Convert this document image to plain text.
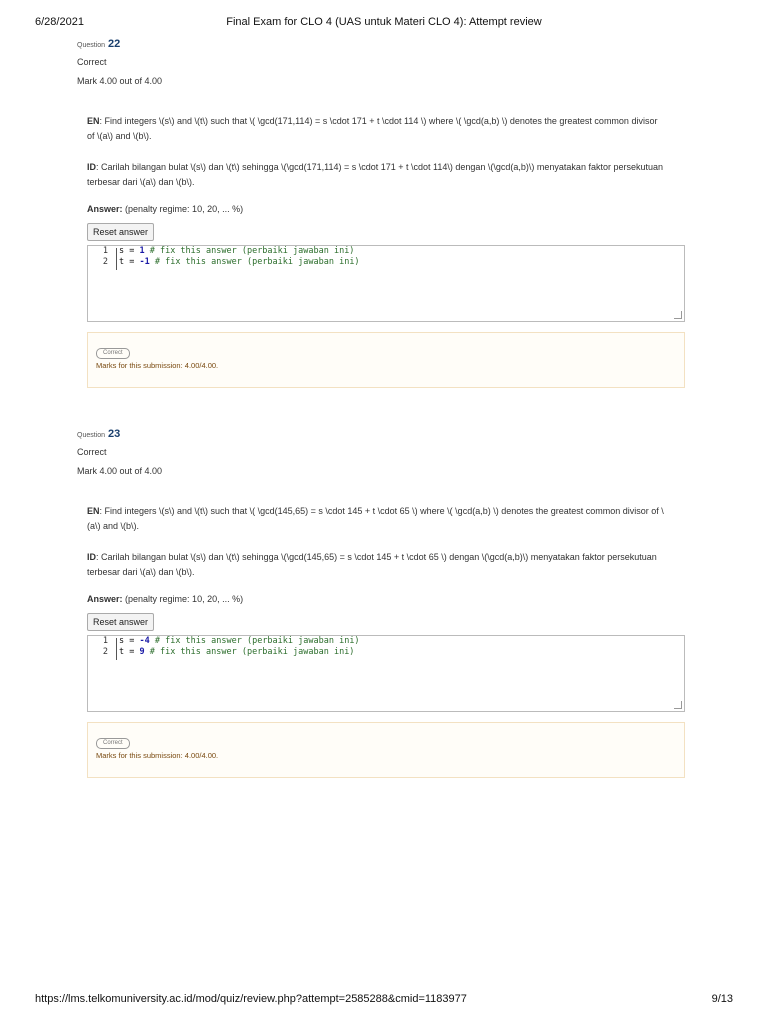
6/28/2021	Final Exam for CLO 4 (UAS untuk Materi CLO 4): Attempt review
Question 22
Correct
Mark 4.00 out of 4.00

EN: Find integers \(s\) and \(t\) such that \( \gcd(171,114) = s \cdot 171 + t \cdot 114 \) where \( \gcd(a,b) \) denotes the greatest common divisor of \(a\) and \(b\).

ID: Carilah bilangan bulat \(s\) dan \(t\) sehingga \(\gcd(171,114) = s \cdot 171 + t \cdot 114\) dengan \(\gcd(a,b)\) menyatakan faktor persekutuan terbesar dari \(a\) dan \(b\).

Answer: (penalty regime: 10, 20, ... %)
Reset answer
1
2
s = 1 # fix this answer (perbaiki jawaban ini)
t = -1 # fix this answer (perbaiki jawaban ini)
Correct
Marks for this submission: 4.00/4.00.
Question 23
Correct
Mark 4.00 out of 4.00

EN: Find integers \(s\) and \(t\) such that \( \gcd(145,65) = s \cdot 145 + t \cdot 65 \) where \( \gcd(a,b) \) denotes the greatest common divisor of \(a\) and \(b\).

ID: Carilah bilangan bulat \(s\) dan \(t\) sehingga \(\gcd(145,65) = s \cdot 145 + t \cdot 65 \) dengan \(\gcd(a,b)\) menyatakan faktor persekutuan terbesar dari \(a\) dan \(b\).

Answer: (penalty regime: 10, 20, ... %)
Reset answer
1
2
s = -4 # fix this answer (perbaiki jawaban ini)
t = 9 # fix this answer (perbaiki jawaban ini)
Correct
Marks for this submission: 4.00/4.00.
https://lms.telkomuniversity.ac.id/mod/quiz/review.php?attempt=2585288&cmid=1183977	9/13
